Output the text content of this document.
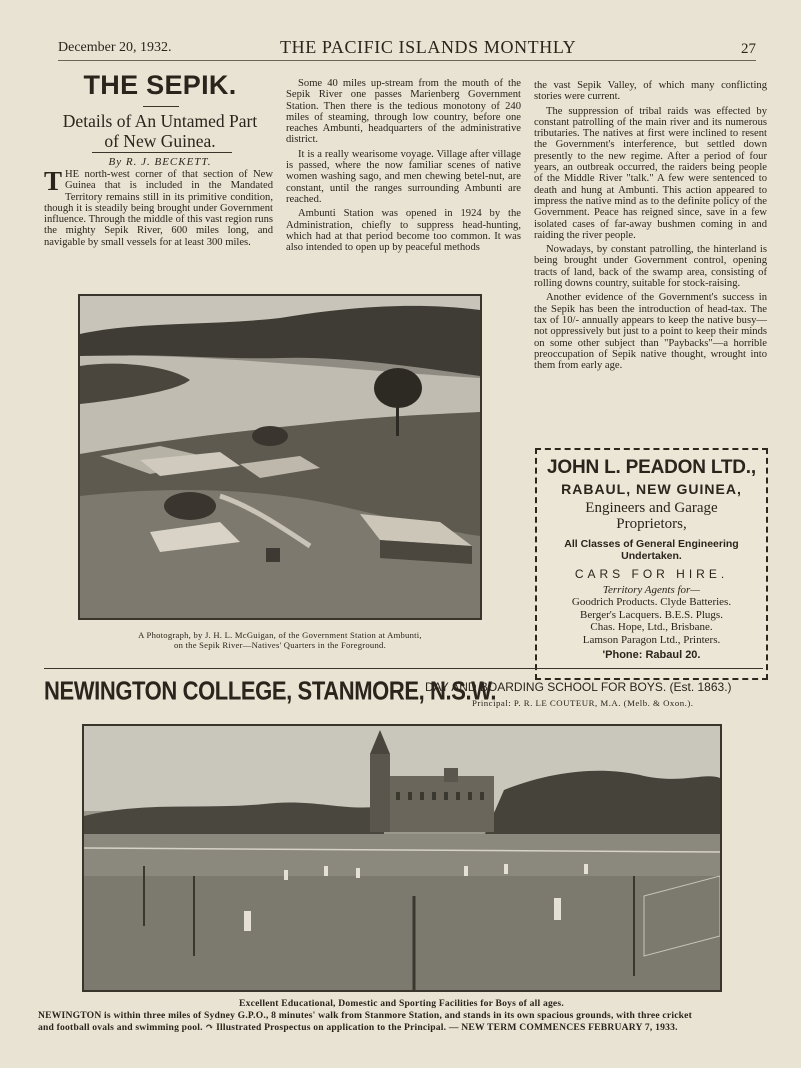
December 20, 1932.	THE PACIFIC ISLANDS MONTHLY	27
THE SEPIK.
Details of An Untamed Part
of New Guinea.
By R. J. BECKETT.

THE north-west corner of that section of New Guinea that is included in the Mandated Territory remains still in its primitive condition, though it is steadily being brought under Government influence. Through the middle of this vast region runs the mighty Sepik River, 600 miles long, and navigable by small vessels for at least 300 miles.

Some 40 miles up-stream from the mouth of the Sepik River one passes Marienberg Government Station. Then there is the tedious monotony of 240 miles of steaming, through low country, before one reaches Ambunti, headquarters of the administrative district.

It is a really wearisome voyage. Village after village is passed, where the now familiar scenes of native women washing sago, and men chewing betel-nut, are constant, until the ranges surrounding Ambunti are reached.

Ambunti Station was opened in 1924 by the Administration, chiefly to suppress head-hunting, which had at that period become too common. It was also intended to open up by peaceful methods

the vast Sepik Valley, of which many conflicting stories were current.

The suppression of tribal raids was effected by constant patrolling of the main river and its numerous tributaries. The natives at first were inclined to resent the Government's interference, but settled down presently to the new regime. After a period of four years, an outbreak occurred, the raiders being people of the Middle River "talk." A few were sentenced to death and hung at Ambunti. This action appeared to impress the native mind as to the definite policy of the Government. Peace has reigned since, save in a few isolated cases of far-away bushmen coming in and raiding the river people.

Nowadays, by constant patrolling, the hinterland is being brought under Government control, opening tracts of land, back of the swamp area, consisting of rolling downs country, suitable for stock-raising.

Another evidence of the Government's success in the Sepik has been the introduction of head-tax. The tax of 10/- annually appears to keep the native busy—not oppressively but just to a point to keep their minds on some other subject than "Paybacks"—a horrible preoccupation of Sepik native thought, wrought into them from early age.

A Photograph, by J. H. L. McGuigan, of the Government Station at Ambunti,
on the Sepik River—Natives' Quarters in the Foreground.
JOHN L. PEADON LTD.,
RABAUL, NEW GUINEA,
Engineers and Garage
Proprietors,
All Classes of General Engineering
Undertaken.
CARS FOR HIRE.
Territory Agents for—
Goodrich Products. Clyde Batteries.
Berger's Lacquers. B.E.S. Plugs.
Chas. Hope, Ltd., Brisbane.
Lamson Paragon Ltd., Printers.
'Phone: Rabaul 20.
NEWINGTON COLLEGE, STANMORE, N.S.W.
DAY AND BOARDING SCHOOL FOR BOYS. (Est. 1863.)
Principal: P. R. LE COUTEUR, M.A. (Melb. & Oxon.).
Excellent Educational, Domestic and Sporting Facilities for Boys of all ages.
NEWINGTON is within three miles of Sydney G.P.O., 8 minutes' walk from Stanmore Station, and stands in its own spacious grounds, with three cricket
and football ovals and swimming pool. ↷ Illustrated Prospectus on application to the Principal. — NEW TERM COMMENCES FEBRUARY 7, 1933.
